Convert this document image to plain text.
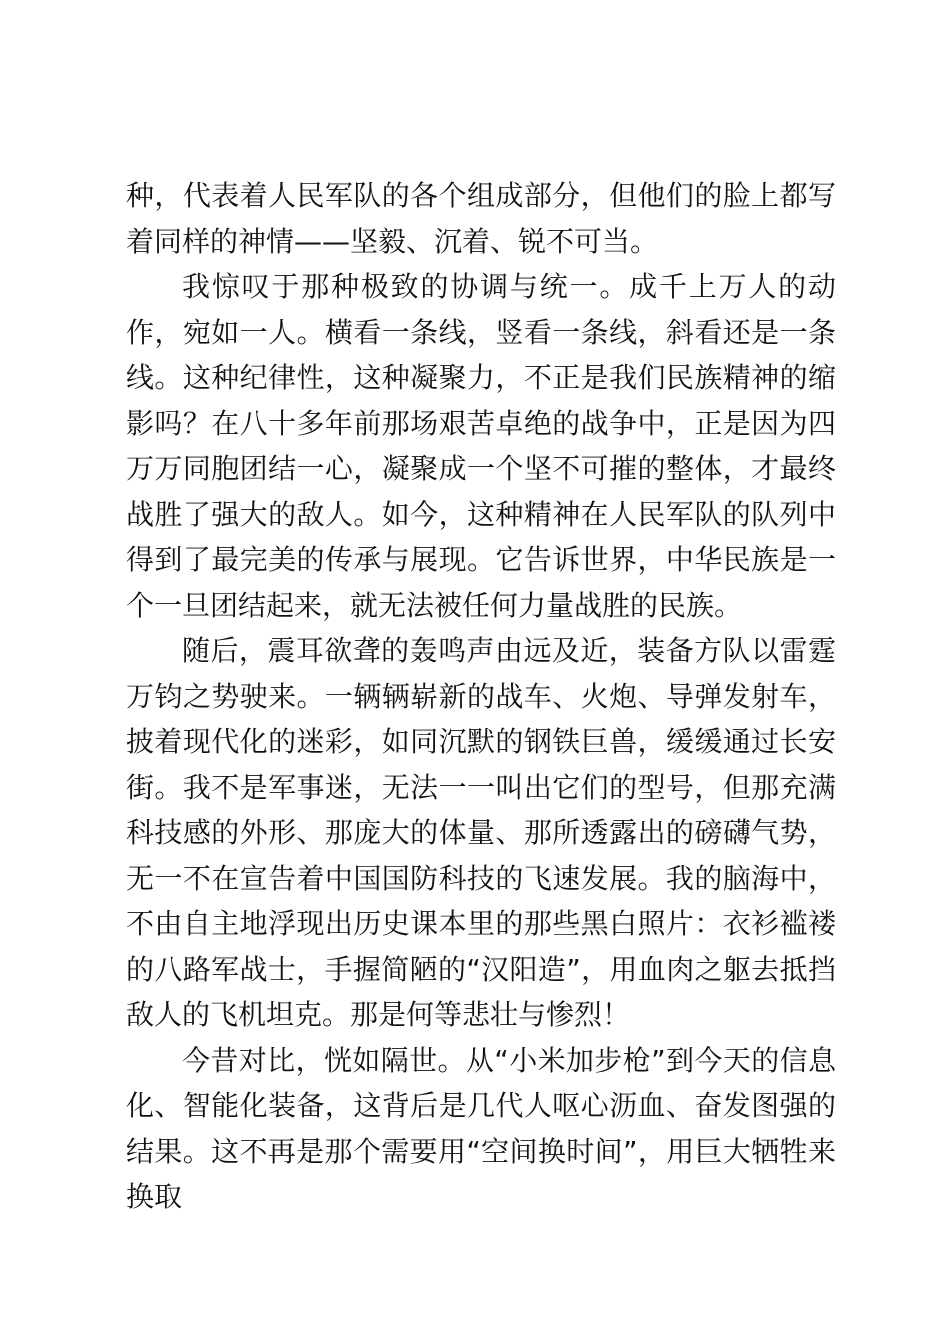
种，代表着人民军队的各个组成部分，但他们的脸上都写着同样的神情——坚毅、沉着、锐不可当。

我惊叹于那种极致的协调与统一。成千上万人的动作，宛如一人。横看一条线，竖看一条线，斜看还是一条线。这种纪律性，这种凝聚力，不正是我们民族精神的缩影吗？在八十多年前那场艰苦卓绝的战争中，正是因为四万万同胞团结一心，凝聚成一个坚不可摧的整体，才最终战胜了强大的敌人。如今，这种精神在人民军队的队列中得到了最完美的传承与展现。它告诉世界，中华民族是一个一旦团结起来，就无法被任何力量战胜的民族。

随后，震耳欲聋的轰鸣声由远及近，装备方队以雷霆万钧之势驶来。一辆辆崭新的战车、火炮、导弹发射车，披着现代化的迷彩，如同沉默的钢铁巨兽，缓缓通过长安街。我不是军事迷，无法一一叫出它们的型号，但那充满科技感的外形、那庞大的体量、那所透露出的磅礴气势，无一不在宣告着中国国防科技的飞速发展。我的脑海中，不由自主地浮现出历史课本里的那些黑白照片：衣衫褴褛的八路军战士，手握简陋的“汉阳造”，用血肉之躯去抵挡敌人的飞机坦克。那是何等悲壮与惨烈！

今昔对比，恍如隔世。从“小米加步枪”到今天的信息化、智能化装备，这背后是几代人呕心沥血、奋发图强的结果。这不再是那个需要用“空间换时间”，用巨大牺牲来换取
